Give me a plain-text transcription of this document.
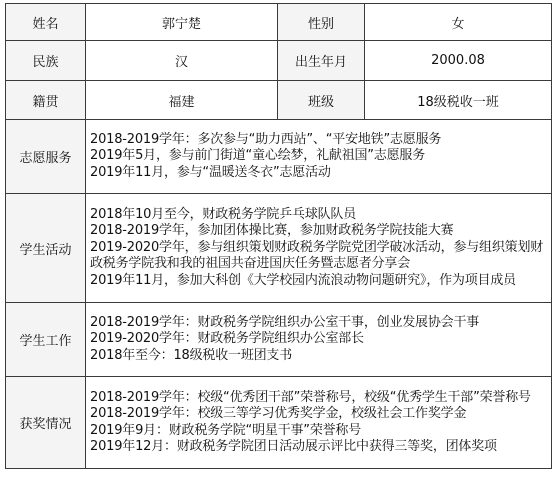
姓名	郭宁楚	性别	女
民族	汉	出生年月	2000.08
籍贯	福建	班级	18级税收一班
志愿服务	2018-2019学年：多次参与“助力西站”、“平安地铁”志愿服务
2019年5月，参与前门街道“童心绘梦，礼献祖国”志愿服务
2019年11月，参与“温暖送冬衣”志愿活动		

学生活动	2018年10月至今，财政税务学院乒乓球队队员
2018-2019学年，参加团体操比赛，参加财政税务学院技能大赛
2019-2020学年，参与组织策划财政税务学院党团学破冰活动，参与组织策划财政税务学院我和我的祖国共奋进国庆任务暨志愿者分享会
2019年11月，参加大科创《大学校园内流浪动物问题研究》，作为项目成员		

学生工作	2018-2019学年：财政税务学院组织办公室干事，创业发展协会干事
2019-2020学年：财政税务学院组织办公室部长
2018年至今：18级税收一班团支书		

获奖情况	2018-2019学年：校级“优秀团干部”荣誉称号，校级“优秀学生干部”荣誉称号
2018-2019学年：校级三等学习优秀奖学金，校级社会工作奖学金
2019年9月：财政税务学院“明星干事”荣誉称号
2019年12月：财政税务学院团日活动展示评比中获得三等奖，团体奖项		
